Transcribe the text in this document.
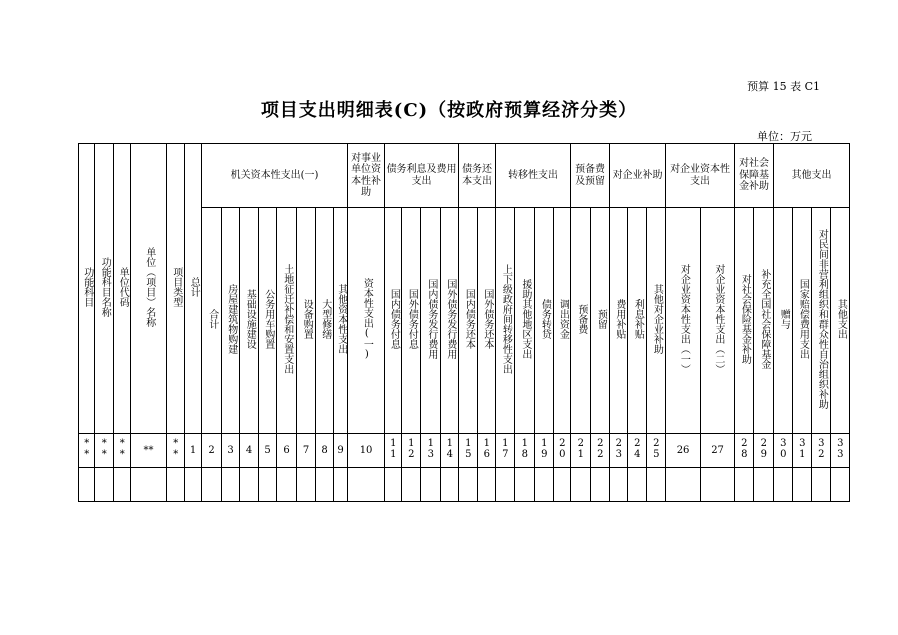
预算 15 表 C1
项目支出明细表(C)（按政府预算经济分类）
单位：万元
功能科目	功能科目名称	单位代码	单位（项目）名称	项目类型	总计	机关资本性支出(一)								对事业单位资本性补助	债务利息及费用支出				债务还本支出		转移性支出				预备费及预留		对企业补助			对企业资本性支出		对社会保障基金补助		其他支出			
						合计	房屋建筑物购建	基础设施建设	公务用车购置	土地征迁补偿和安置支出	设备购置	大型修缮	其他资本性支出	资本性支出(一)	国内债务付息	国外债务付息	国内债务发行费用	国外债务发行费用	国内债务还本	国外债务还本	上下级政府间转移性支出	援助其他地区支出	债务转贷	调出资金	预备费	预留	费用补贴	利息补贴	其他对企业补助	对企业资本性支出（一）	对企业资本性支出（二）	对社会保险基金补助	补充全国社会保障基金	赠与	国家赔偿费用支出	对民间非营利组织和群众性自治组织补助	其他支出
**	**	**	**	**	1	2	3	4	5	6	7	8	9	10	11	12	13	14	15	16	17	18	19	20	21	22	23	24	25	26	27	28	29	30	31	32	33
